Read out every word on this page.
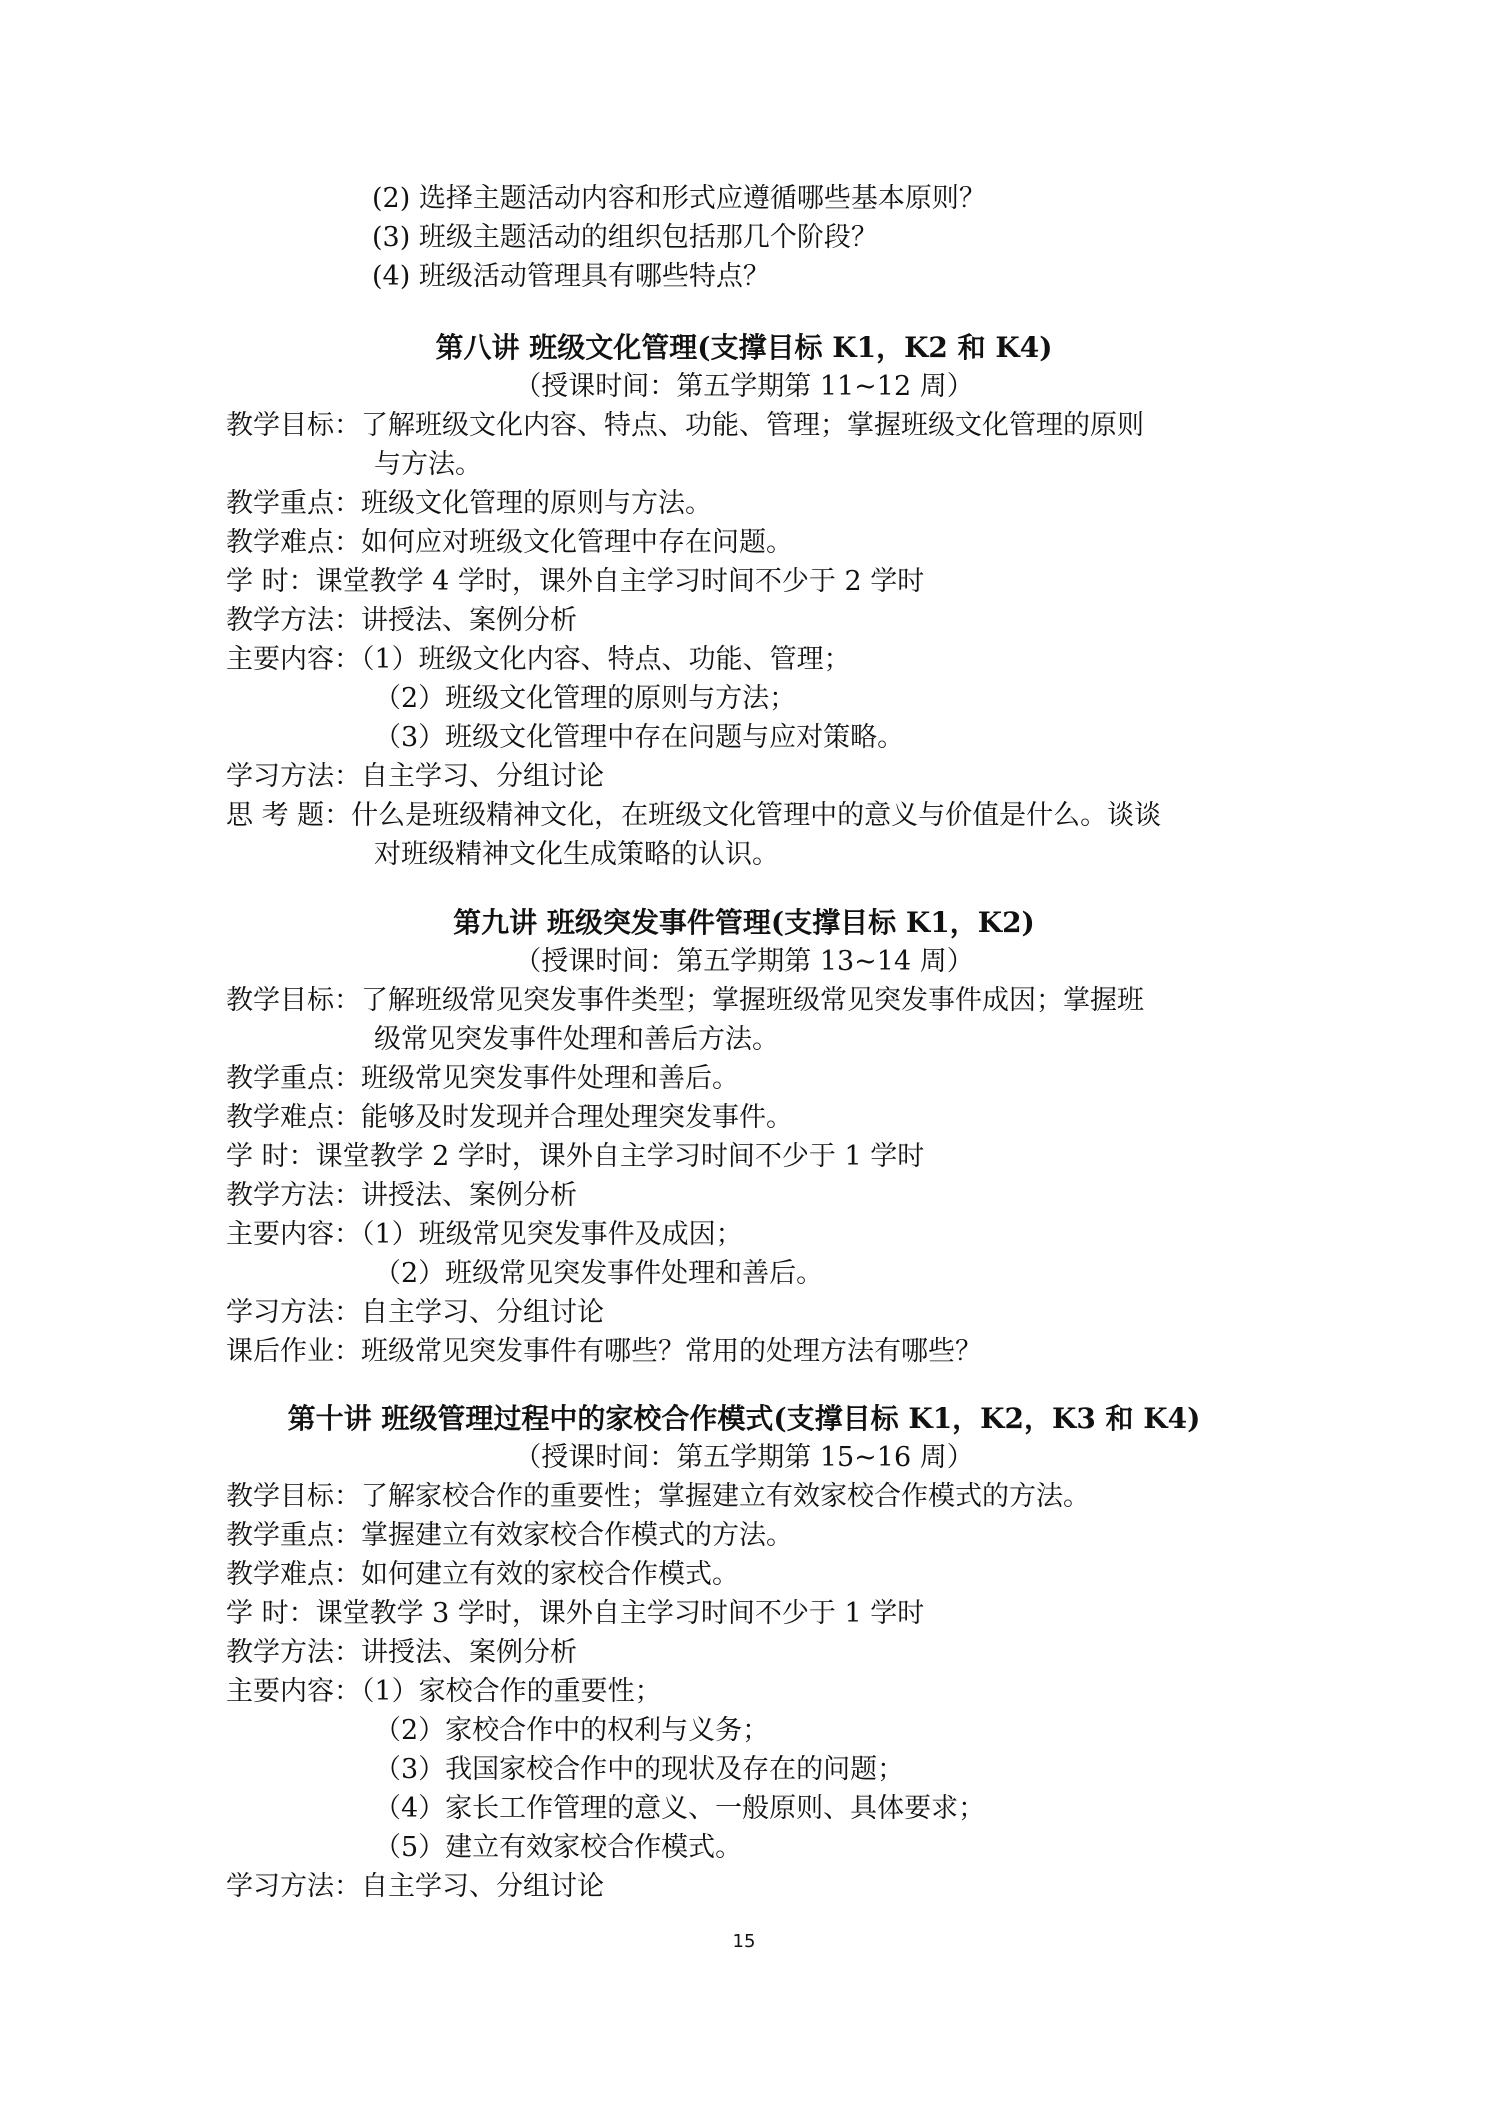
(2) 选择主题活动内容和形式应遵循哪些基本原则？
(3) 班级主题活动的组织包括那几个阶段？
(4) 班级活动管理具有哪些特点？
第八讲 班级文化管理(支撑目标 K1，K2 和 K4)
（授课时间：第五学期第 11~12 周）
教学目标：了解班级文化内容、特点、功能、管理；掌握班级文化管理的原则
与方法。
教学重点：班级文化管理的原则与方法。
教学难点：如何应对班级文化管理中存在问题。
学 时：课堂教学 4 学时，课外自主学习时间不少于 2 学时
教学方法：讲授法、案例分析
主要内容：（1）班级文化内容、特点、功能、管理；
（2）班级文化管理的原则与方法；
（3）班级文化管理中存在问题与应对策略。
学习方法：自主学习、分组讨论
思 考 题：什么是班级精神文化，在班级文化管理中的意义与价值是什么。谈谈
对班级精神文化生成策略的认识。
第九讲 班级突发事件管理(支撑目标 K1，K2)
（授课时间：第五学期第 13~14 周）
教学目标：了解班级常见突发事件类型；掌握班级常见突发事件成因；掌握班
级常见突发事件处理和善后方法。
教学重点：班级常见突发事件处理和善后。
教学难点：能够及时发现并合理处理突发事件。
学 时：课堂教学 2 学时，课外自主学习时间不少于 1 学时
教学方法：讲授法、案例分析
主要内容：（1）班级常见突发事件及成因；
（2）班级常见突发事件处理和善后。
学习方法：自主学习、分组讨论
课后作业：班级常见突发事件有哪些？常用的处理方法有哪些？
第十讲 班级管理过程中的家校合作模式(支撑目标 K1，K2，K3 和 K4)
（授课时间：第五学期第 15~16 周）
教学目标：了解家校合作的重要性；掌握建立有效家校合作模式的方法。
教学重点：掌握建立有效家校合作模式的方法。
教学难点：如何建立有效的家校合作模式。
学 时：课堂教学 3 学时，课外自主学习时间不少于 1 学时
教学方法：讲授法、案例分析
主要内容：（1）家校合作的重要性；
（2）家校合作中的权利与义务；
（3）我国家校合作中的现状及存在的问题；
（4）家长工作管理的意义、一般原则、具体要求；
（5）建立有效家校合作模式。
学习方法：自主学习、分组讨论
15
